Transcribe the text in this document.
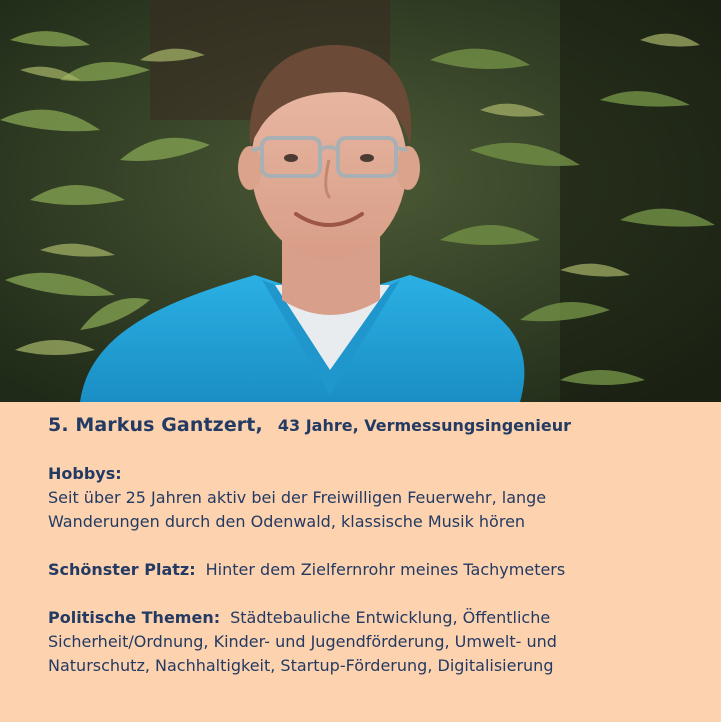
5. Markus Gantzert, 43 Jahre, Vermessungsingenieur
Hobbys:
Seit über 25 Jahren aktiv bei der Freiwilligen Feuerwehr, lange
Wanderungen durch den Odenwald, klassische Musik hören
Schönster Platz: Hinter dem Zielfernrohr meines Tachymeters
Politische Themen: Städtebauliche Entwicklung, Öffentliche
Sicherheit/Ordnung, Kinder- und Jugendförderung, Umwelt- und
Naturschutz, Nachhaltigkeit, Startup-Förderung, Digitalisierung
